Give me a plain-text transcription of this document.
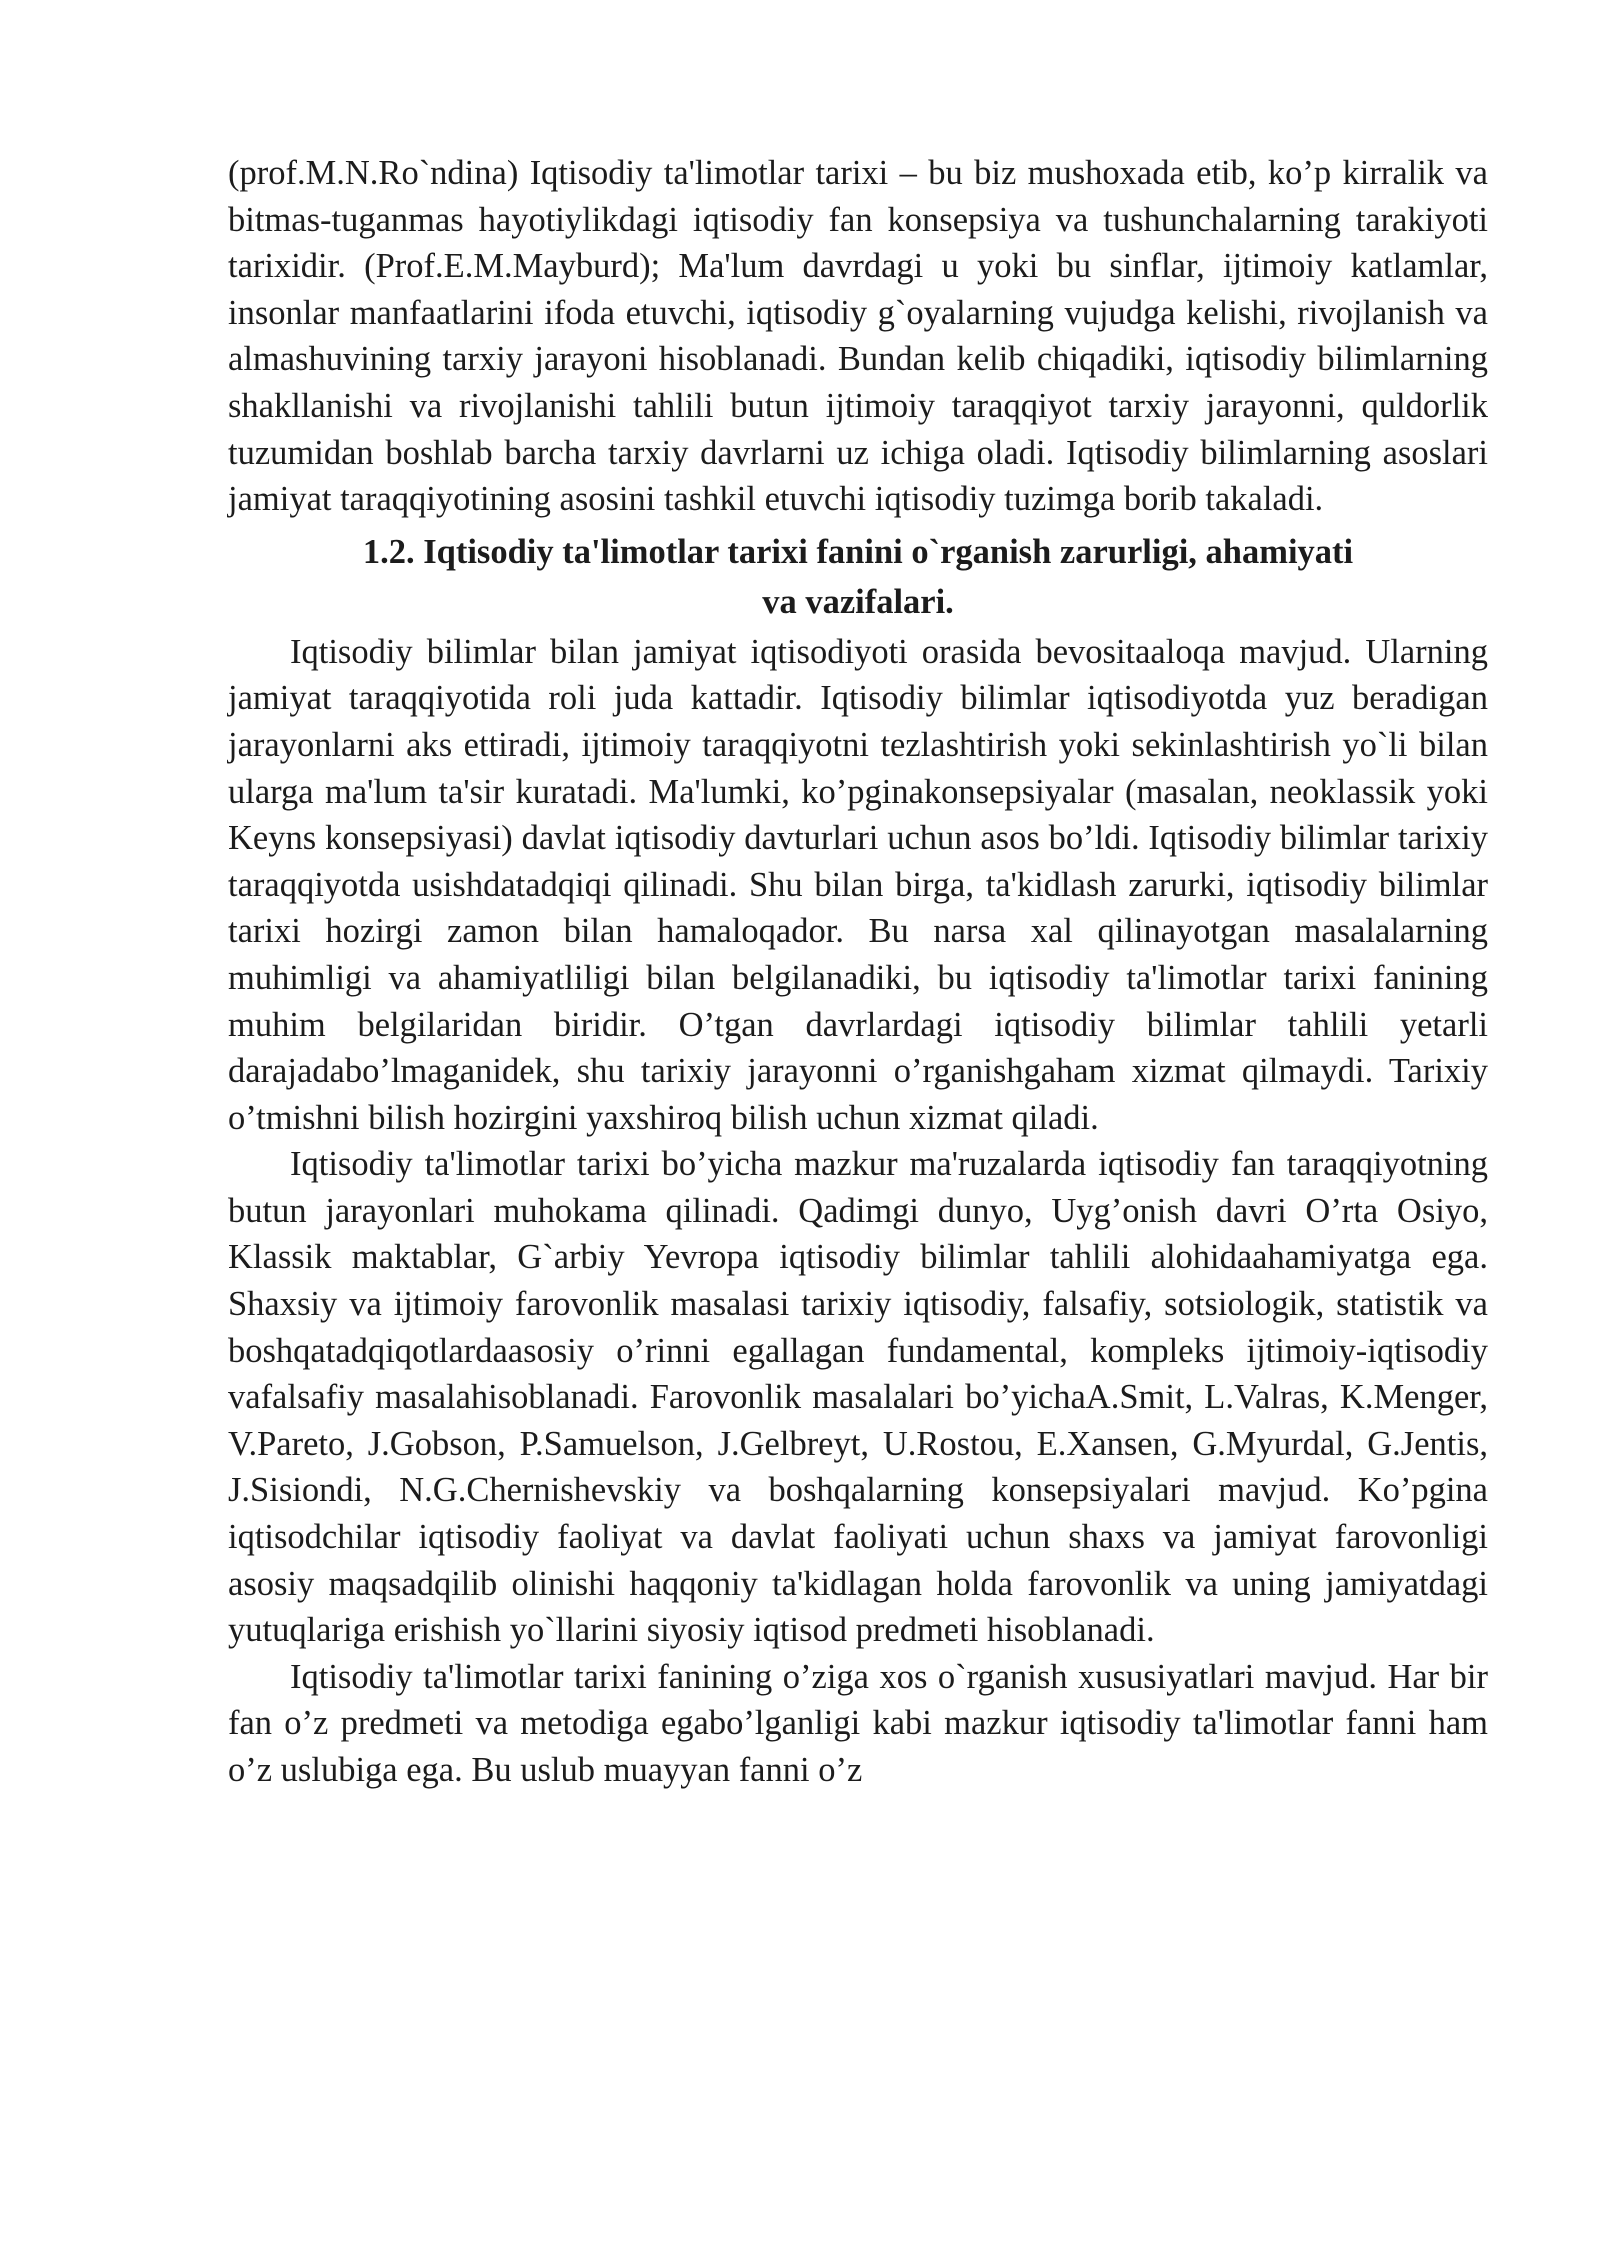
(prof.M.N.Ro`ndina) Iqtisodiy ta'limotlar tarixi – bu biz mushoxada etib, ko’p kirralik va bitmas-tuganmas hayotiylikdagi iqtisodiy fan konsepsiya va tushunchalarning tarakiyoti tarixidir. (Prof.E.M.Mayburd); Ma'lum davrdagi u yoki bu sinflar, ijtimoiy katlamlar, insonlar manfaatlarini ifoda etuvchi, iqtisodiy g`oyalarning vujudga kelishi, rivojlanish va almashuvining tarxiy jarayoni hisoblanadi. Bundan kelib chiqadiki, iqtisodiy bilimlarning shakllanishi va rivojlanishi tahlili butun ijtimoiy taraqqiyot tarxiy jarayonni, quldorlik tuzumidan boshlab barcha tarxiy davrlarni uz ichiga oladi. Iqtisodiy bilimlarning asoslari jamiyat taraqqiyotining asosini tashkil etuvchi iqtisodiy tuzimga borib takaladi.

1.2. Iqtisodiy ta'limotlar tarixi fanini o`rganish zarurligi, ahamiyati
va vazifalari.

Iqtisodiy bilimlar bilan jamiyat iqtisodiyoti orasida bevositaaloqa mavjud. Ularning jamiyat taraqqiyotida roli juda kattadir. Iqtisodiy bilimlar iqtisodiyotda yuz beradigan jarayonlarni aks ettiradi, ijtimoiy taraqqiyotni tezlashtirish yoki sekinlashtirish yo`li bilan ularga ma'lum ta'sir kuratadi. Ma'lumki, ko’pginakonsepsiyalar (masalan, neoklassik yoki Keyns konsepsiyasi) davlat iqtisodiy davturlari uchun asos bo’ldi. Iqtisodiy bilimlar tarixiy taraqqiyotda usishdatadqiqi qilinadi. Shu bilan birga, ta'kidlash zarurki, iqtisodiy bilimlar tarixi hozirgi zamon bilan hamaloqador. Bu narsa xal qilinayotgan masalalarning muhimligi va ahamiyatliligi bilan belgilanadiki, bu iqtisodiy ta'limotlar tarixi fanining muhim belgilaridan biridir. O’tgan davrlardagi iqtisodiy bilimlar tahlili yetarli darajadabo’lmaganidek, shu tarixiy jarayonni o’rganishgaham xizmat qilmaydi. Tarixiy o’tmishni bilish hozirgini yaxshiroq bilish uchun xizmat qiladi.

Iqtisodiy ta'limotlar tarixi bo’yicha mazkur ma'ruzalarda iqtisodiy fan taraqqiyotning butun jarayonlari muhokama qilinadi. Qadimgi dunyo, Uyg’onish davri O’rta Osiyo, Klassik maktablar, G`arbiy Yevropa iqtisodiy bilimlar tahlili alohidaahamiyatga ega. Shaxsiy va ijtimoiy farovonlik masalasi tarixiy iqtisodiy, falsafiy, sotsiologik, statistik va boshqatadqiqotlardaasosiy o’rinni egallagan fundamental, kompleks ijtimoiy-iqtisodiy vafalsafiy masalahisoblanadi. Farovonlik masalalari bo’yichaA.Smit, L.Valras, K.Menger, V.Pareto, J.Gobson, P.Samuelson, J.Gelbreyt, U.Rostou, E.Xansen, G.Myurdal, G.Jentis, J.Sisiondi, N.G.Chernishevskiy va boshqalarning konsepsiyalari mavjud. Ko’pgina iqtisodchilar iqtisodiy faoliyat va davlat faoliyati uchun shaxs va jamiyat farovonligi asosiy maqsadqilib olinishi haqqoniy ta'kidlagan holda farovonlik va uning jamiyatdagi yutuqlariga erishish yo`llarini siyosiy iqtisod predmeti hisoblanadi.

Iqtisodiy ta'limotlar tarixi fanining o’ziga xos o`rganish xususiyatlari mavjud. Har bir fan o’z predmeti va metodiga egabo’lganligi kabi mazkur iqtisodiy ta'limotlar fanni ham o’z uslubiga ega. Bu uslub muayyan fanni o’z
